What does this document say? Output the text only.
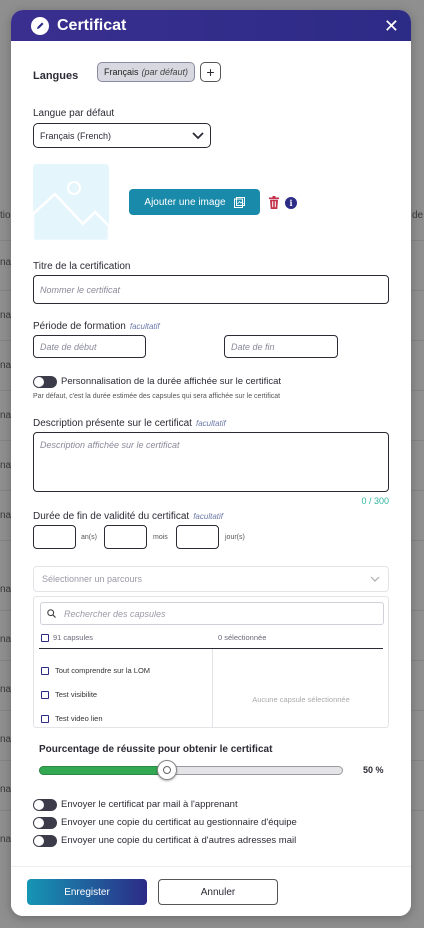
tio	de
na
na
na
na
na
na
na
na
na
na
na
na
Certificat	✕
Langues	Français (par défaut)	+
Langue par défaut
Français (French)
Ajouter une image	i
Titre de la certification
Nommer le certificat
Période de formation facultatif
Date de début	Date de fin
Personnalisation de la durée affichée sur le certificat
Par défaut, c'est la durée estimée des capsules qui sera affichée sur le certificat
Description présente sur le certificat facultatif
Description affichée sur le certificat
0 / 300
Durée de fin de validité du certificat facultatif
an(s)	mois	jour(s)
Sélectionner un parcours
Rechercher des capsules
91 capsules	0 sélectionnée
Tout comprendre sur la LOM
Test visibilite
Test video lien
Aucune capsule sélectionnée
Pourcentage de réussite pour obtenir le certificat
50 %
Envoyer le certificat par mail à l'apprenant
Envoyer une copie du certificat au gestionnaire d'équipe
Envoyer une copie du certificat à d'autres adresses mail
Enregister	Annuler
